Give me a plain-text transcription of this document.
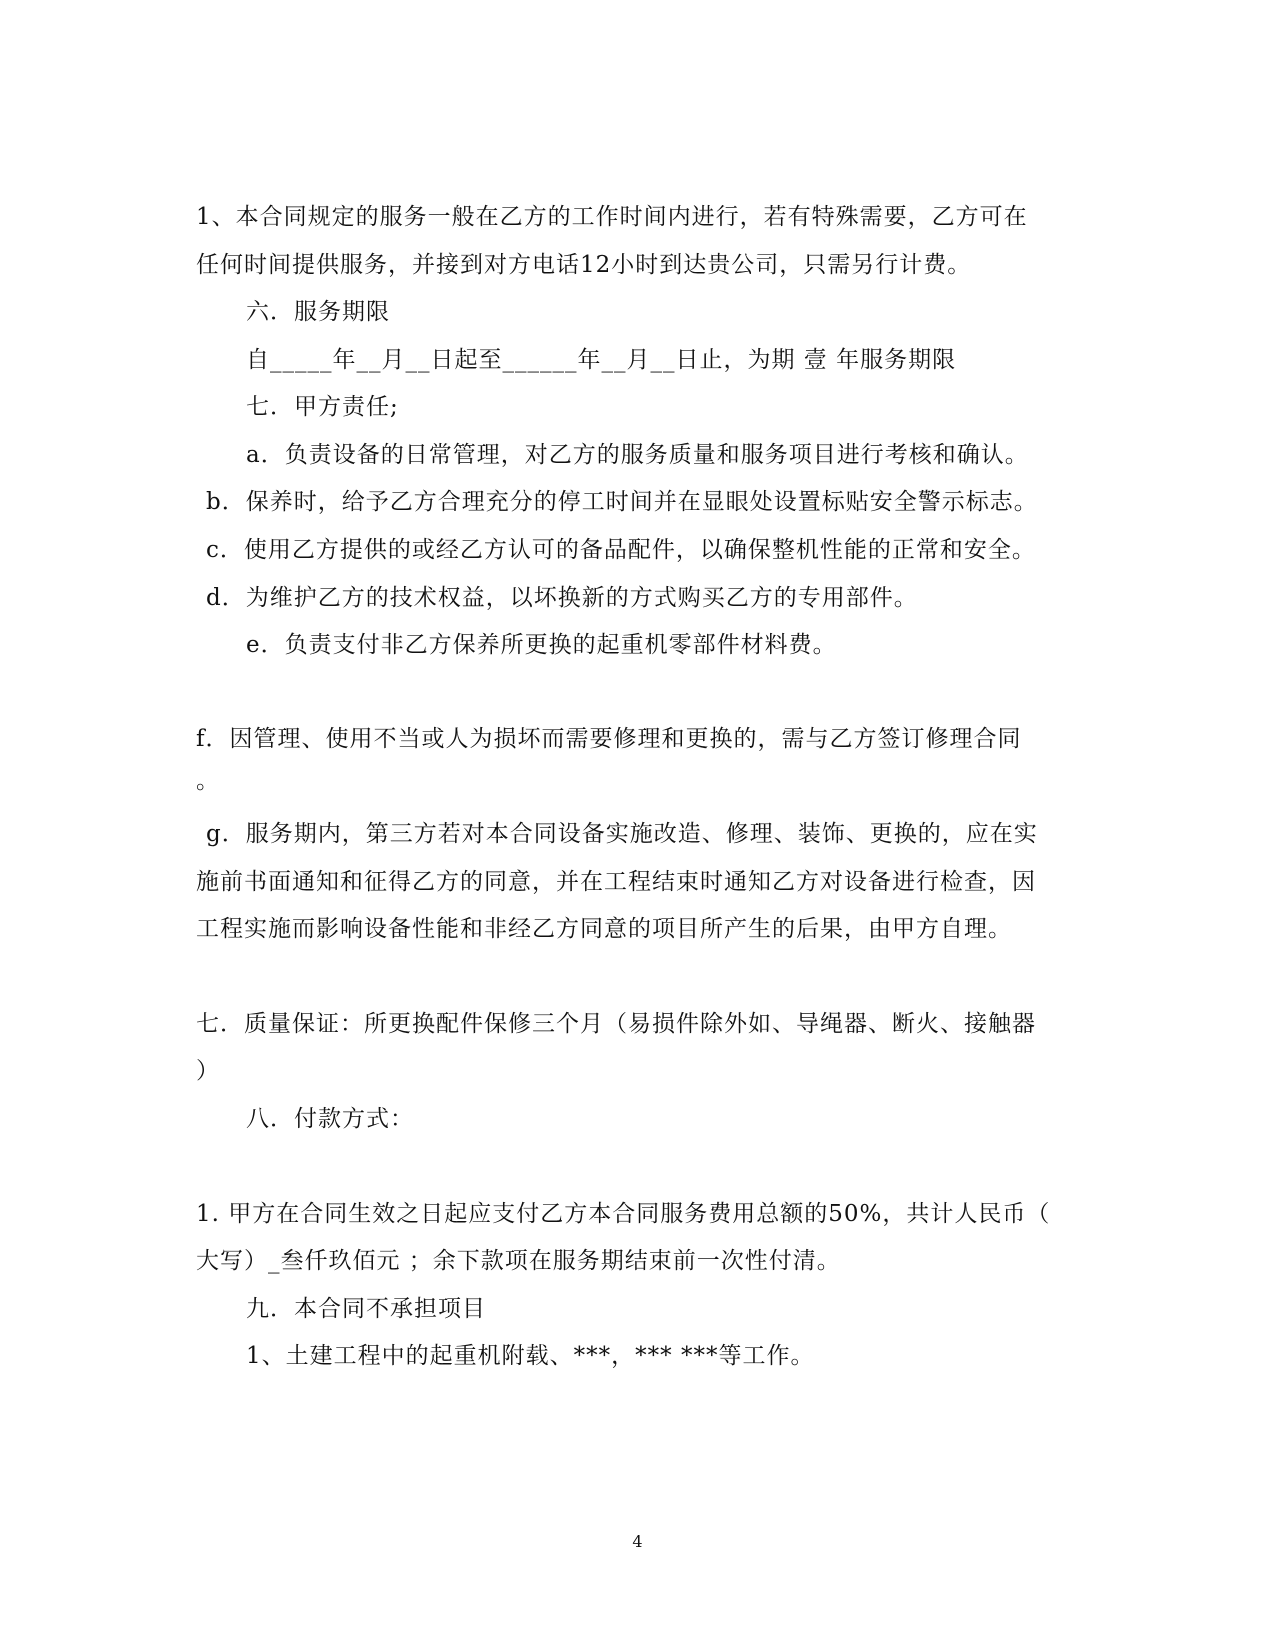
1、本合同规定的服务一般在乙方的工作时间内进行，若有特殊需要，乙方可在
任何时间提供服务，并接到对方电话12小时到达贵公司，只需另行计费。
六．服务期限
自_____年__月__日起至______年__月__日止，为期 壹 年服务期限
七．甲方责任;
a．负责设备的日常管理，对乙方的服务质量和服务项目进行考核和确认。
b．保养时，给予乙方合理充分的停工时间并在显眼处设置标贴安全警示标志。
c．使用乙方提供的或经乙方认可的备品配件，以确保整机性能的正常和安全。
d．为维护乙方的技术权益，以坏换新的方式购买乙方的专用部件。
e．负责支付非乙方保养所更换的起重机零部件材料费。
f．因管理、使用不当或人为损坏而需要修理和更换的，需与乙方签订修理合同
。
g．服务期内，第三方若对本合同设备实施改造、修理、装饰、更换的，应在实
施前书面通知和征得乙方的同意，并在工程结束时通知乙方对设备进行检查，因
工程实施而影响设备性能和非经乙方同意的项目所产生的后果，由甲方自理。
七．质量保证：所更换配件保修三个月（易损件除外如、导绳器、断火、接触器
）
八．付款方式：
1. 甲方在合同生效之日起应支付乙方本合同服务费用总额的50%，共计人民币（
大写）_叁仟玖佰元 ；余下款项在服务期结束前一次性付清。
九．本合同不承担项目
1、土建工程中的起重机附载、***，*** ***等工作。
4
